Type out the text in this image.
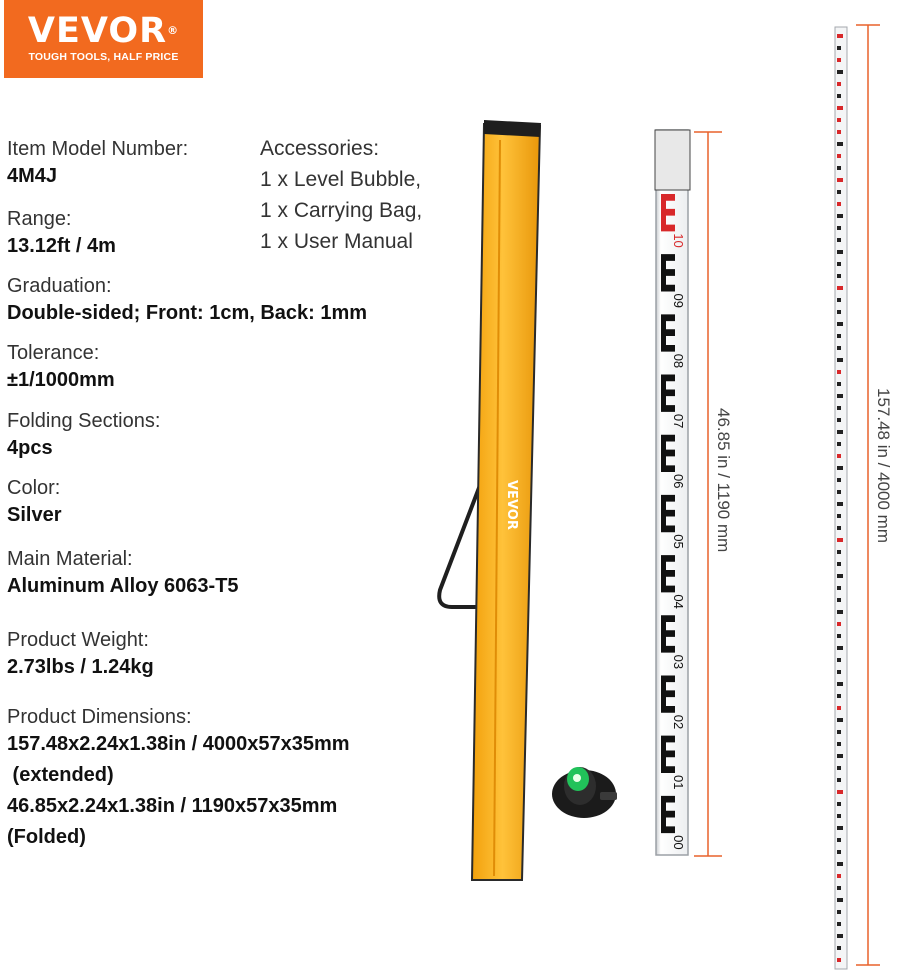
VEVOR®
TOUGH TOOLS, HALF PRICE
Item Model Number:
4M4J
Range:
13.12ft / 4m
Graduation:
Double-sided; Front: 1cm, Back: 1mm
Tolerance:
±1/1000mm
Folding Sections:
4pcs
Color:
Silver
Main Material:
Aluminum Alloy 6063-T5
Product Weight:
2.73lbs / 1.24kg
Product Dimensions:
157.48x2.24x1.38in / 4000x57x35mm
(extended)
46.85x2.24x1.38in / 1190x57x35mm
(Folded)
Accessories:
1 x Level Bubble,
1 x Carrying Bag,
1 x User Manual
VEVOR
10
09
08
07
06
05
04
03
02
01
00
46.85 in / 1190 mm	157.48 in / 4000 mm
